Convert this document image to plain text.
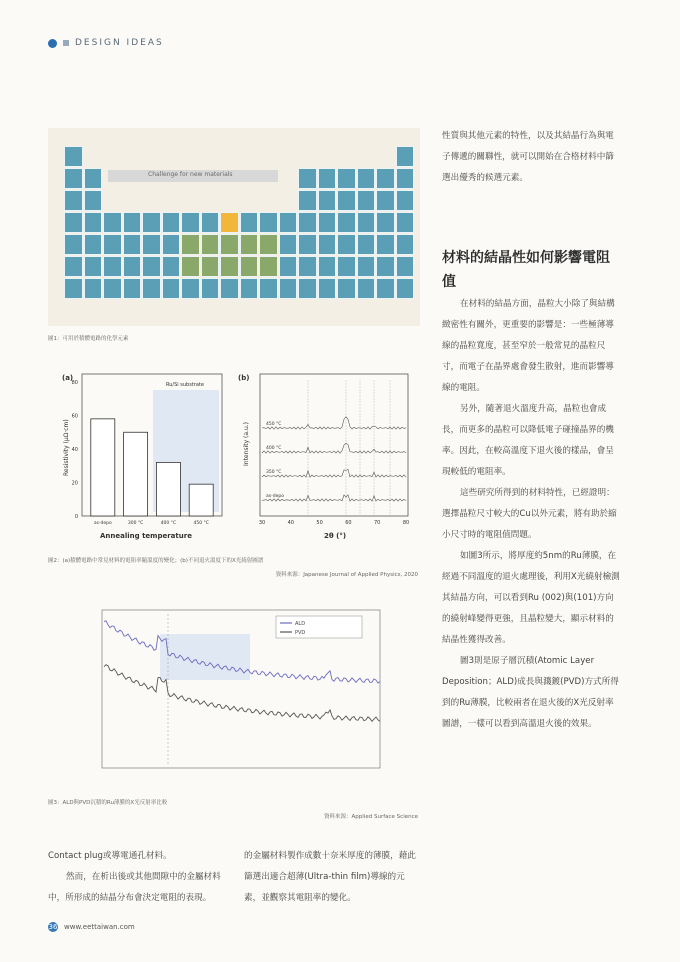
DESIGN IDEAS
Challenge for new materials
圖1：可用於積體電路的化學元素
(a)
Ru/Si substrate
Resistivity (µΩ·cm)
Annealing temperature
0
20
40
60
80
as-depo	300 °C	400 °C	450 °C
(b)
Intensity (a.u.)
2θ (°)
30	40	50	60	70	80
450 °C
400 °C
350 °C
as-depo
圖2：(a)積體電路中常見材料的電阻率隨溫度的變化；(b)不同退火溫度下的X光繞射圖譜
資料來源：Japanese Journal of Applied Physics, 2020
ALD
PVD
圖3：ALD與PVD沉積的Ru薄膜的X光反射率比較
資料來源：Applied Surface Science

性質與其他元素的特性，以及其結晶行為與電子傳遞的關聯性，就可以開始在合格材料中篩選出優秀的候選元素。

材料的結晶性如何影響電阻值

在材料的結晶方面，晶粒大小除了與結構緻密性有關外，更重要的影響是：一些極薄導線的晶粒寬度，甚至窄於一般常見的晶粒尺寸，而電子在晶界處會發生散射，進而影響導線的電阻。

另外，隨著退火溫度升高，晶粒也會成長，而更多的晶粒可以降低電子碰撞晶界的機率。因此，在較高溫度下退火後的樣品，會呈現較低的電阻率。

這些研究所得到的材料特性，已經證明：選擇晶粒尺寸較大的Cu以外元素，將有助於縮小尺寸時的電阻值問題。

如圖3所示，將厚度約5nm的Ru薄膜，在經過不同溫度的退火處理後，利用X光繞射檢測其結晶方向，可以看到Ru (002)與(101)方向的繞射峰變得更強，且晶粒變大，顯示材料的結晶性獲得改善。

圖3則是原子層沉積(Atomic Layer Deposition；ALD)成長與濺鍍(PVD)方式所得到的Ru薄膜，比較兩者在退火後的X光反射率圖譜，一樣可以看到高溫退火後的效果。

Contact plug或導電通孔材料。

然而，在析出後或其他間隙中的金屬材料中，所形成的結晶分布會決定電阻的表現。

的金屬材料製作成數十奈米厚度的薄膜，藉此篩選出適合超薄(Ultra-thin film)導線的元素，並觀察其電阻率的變化。

36 www.eettaiwan.com
